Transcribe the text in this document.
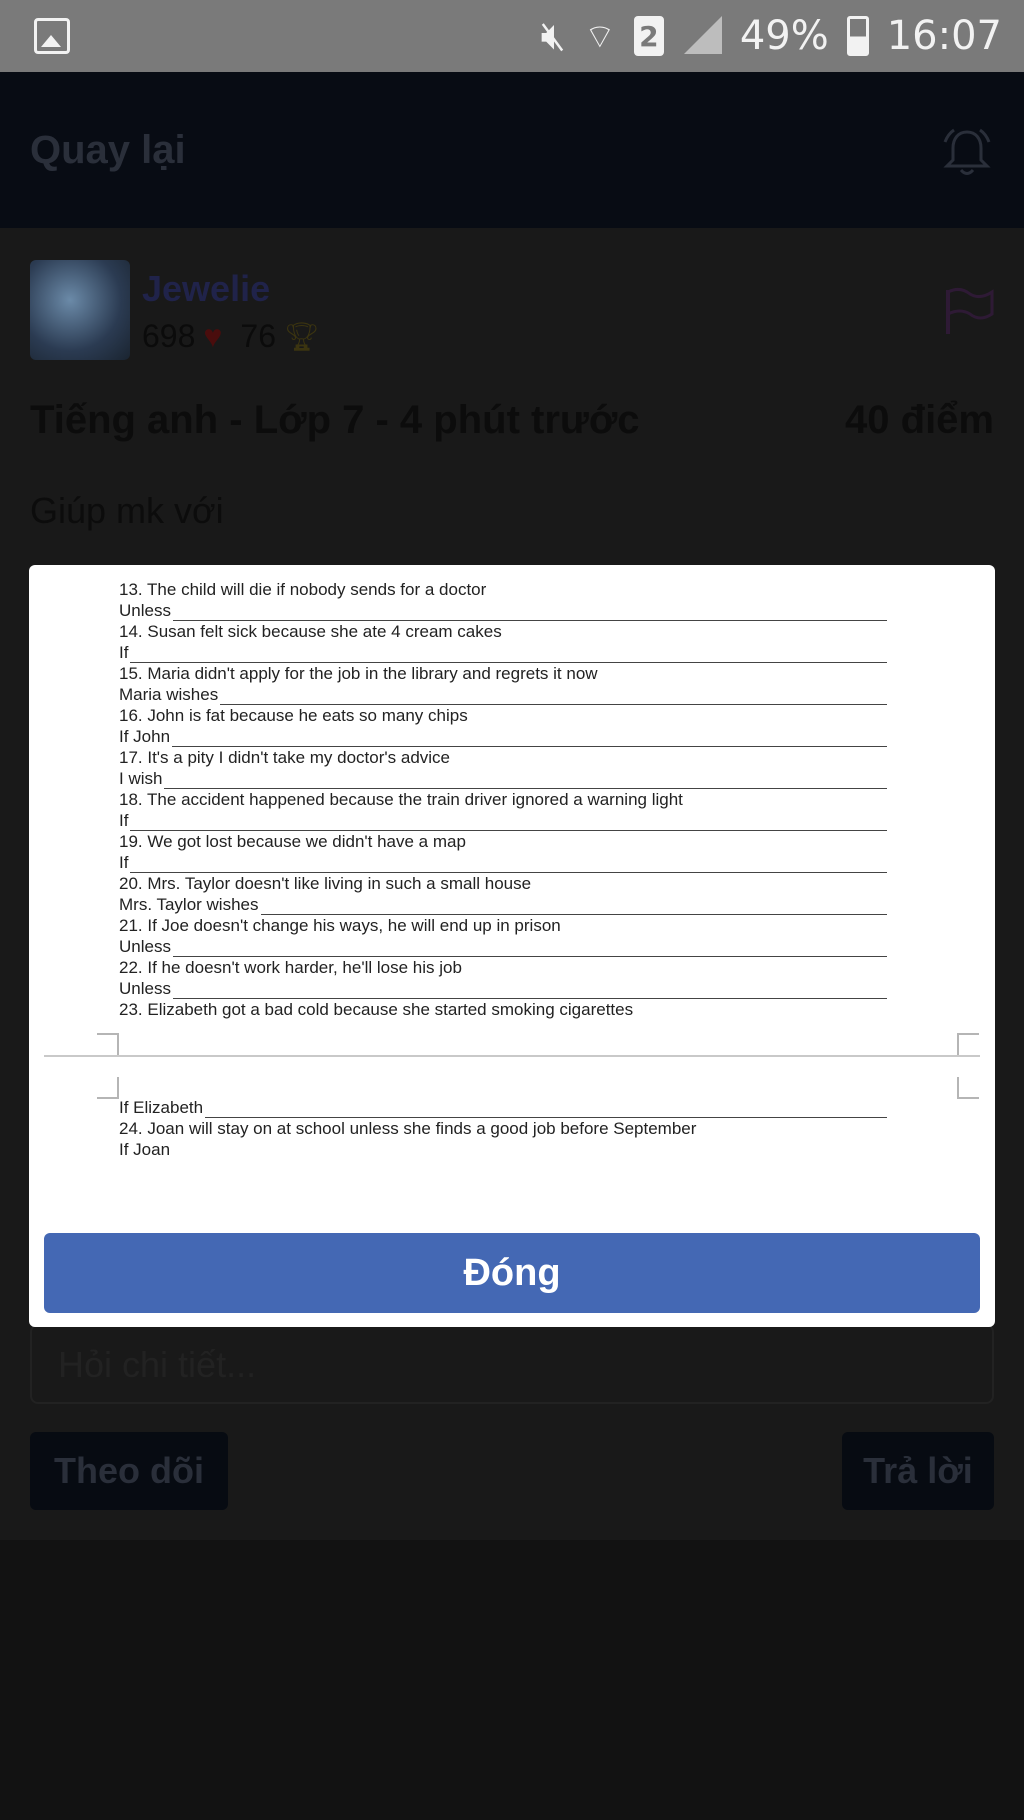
🔇︎ ⌔ 2 49% 16:07
Quay lại
Jewelie
698 ♥ 76 🏆︎
Tiếng anh - Lớp 7 - 4 phút trước	40 điểm
Giúp mk với
Hỏi chi tiết...
Theo dõi	Trả lời
13. The child will die if nobody sends for a doctor
Unless
14. Susan felt sick because she ate 4 cream cakes
If
15. Maria didn't apply for the job in the library and regrets it now
Maria wishes
16. John is fat because he eats so many chips
If John
17. It's a pity I didn't take my doctor's advice
I wish
18. The accident happened because the train driver ignored a warning light
If
19. We got lost because we didn't have a map
If
20. Mrs. Taylor doesn't like living in such a small house
Mrs. Taylor wishes
21. If Joe doesn't change his ways, he will end up in prison
Unless
22. If he doesn't work harder, he'll lose his job
Unless
23. Elizabeth got a bad cold because she started smoking cigarettes
If Elizabeth
24. Joan will stay on at school unless she finds a good job before September
If Joan
Đóng
